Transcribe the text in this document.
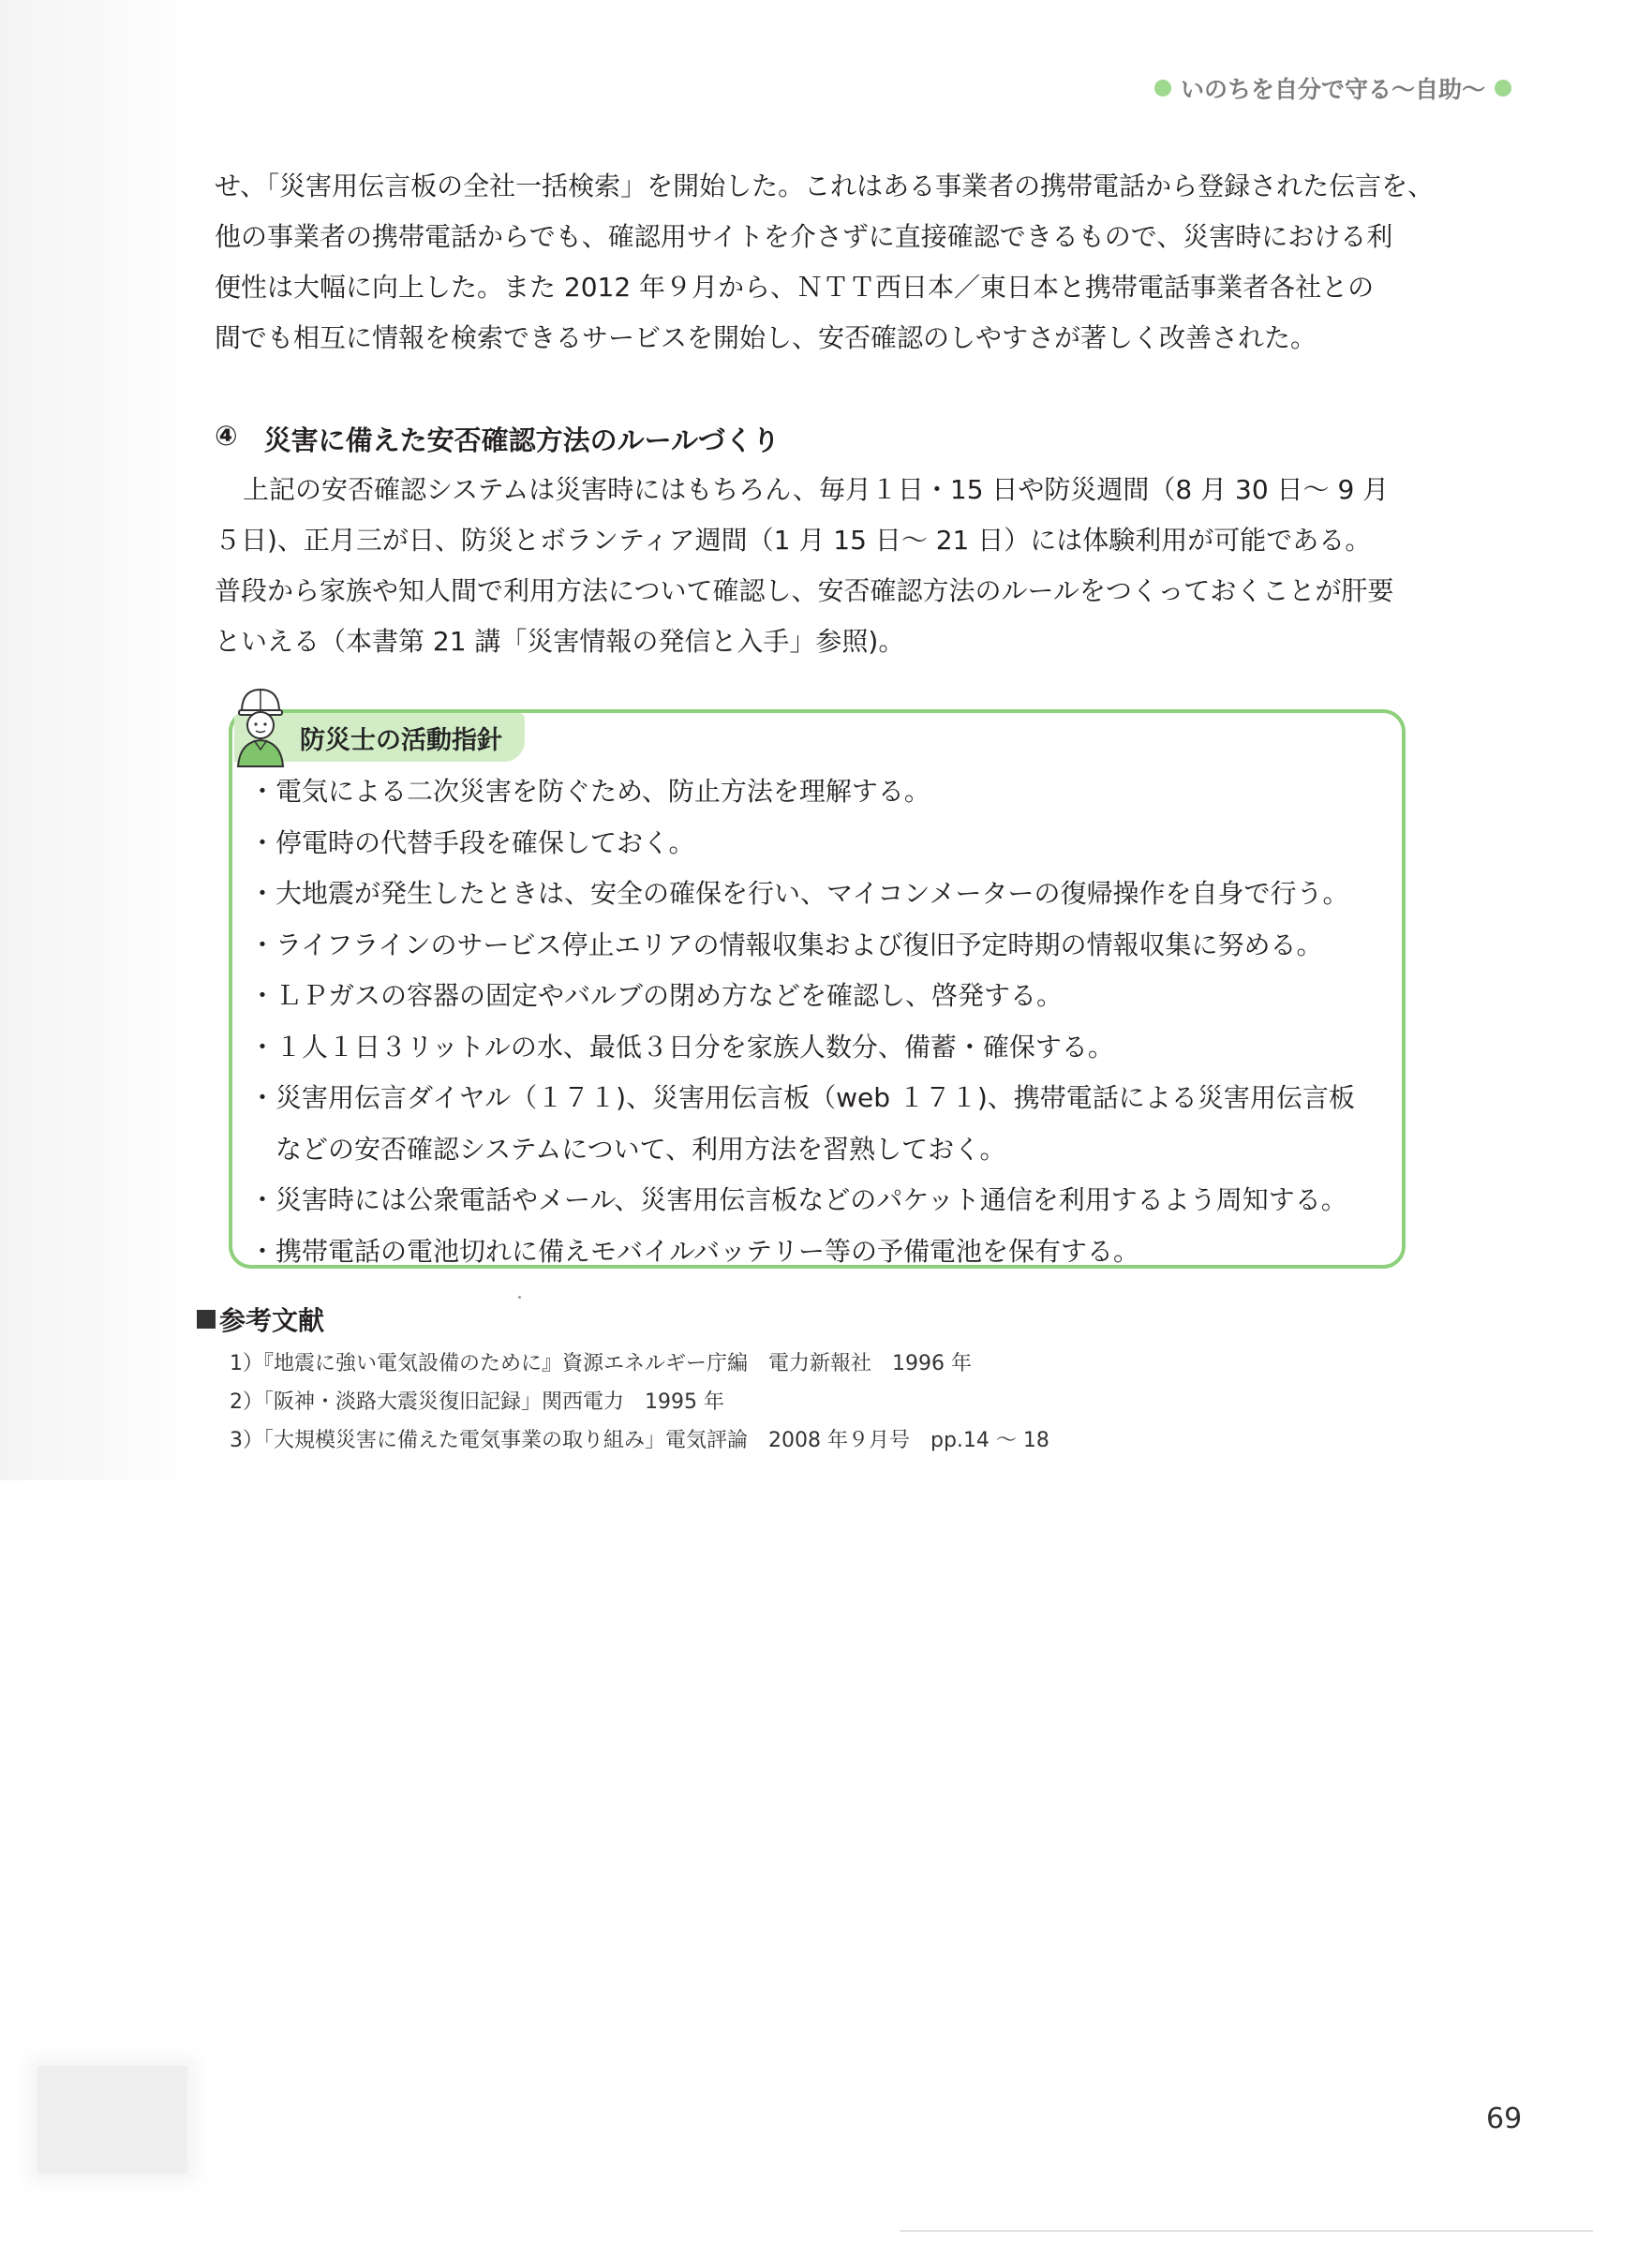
いのちを自分で守る〜自助〜

せ、「災害用伝言板の全社一括検索」を開始した。これはある事業者の携帯電話から登録された伝言を、
他の事業者の携帯電話からでも、確認用サイトを介さずに直接確認できるもので、災害時における利
便性は大幅に向上した。また 2012 年９月から、ＮＴＴ西日本／東日本と携帯電話事業者各社との
間でも相互に情報を検索できるサービスを開始し、安否確認のしやすさが著しく改善された。

④ 災害に備えた安否確認方法のルールづくり

上記の安否確認システムは災害時にはもちろん、毎月１日・15 日や防災週間（8 月 30 日〜 9 月
５日)、正月三が日、防災とボランティア週間（1 月 15 日〜 21 日）には体験利用が可能である。
普段から家族や知人間で利用方法について確認し、安否確認方法のルールをつくっておくことが肝要
といえる（本書第 21 講「災害情報の発信と入手」参照)。

防災士の活動指針
・電気による二次災害を防ぐため、防止方法を理解する。
・停電時の代替手段を確保しておく。
・大地震が発生したときは、安全の確保を行い、マイコンメーターの復帰操作を自身で行う。
・ライフラインのサービス停止エリアの情報収集および復旧予定時期の情報収集に努める。
・ＬＰガスの容器の固定やバルブの閉め方などを確認し、啓発する。
・１人１日３リットルの水、最低３日分を家族人数分、備蓄・確保する。
・災害用伝言ダイヤル（１７１)、災害用伝言板（web １７１)、携帯電話による災害用伝言板
などの安否確認システムについて、利用方法を習熟しておく。
・災害時には公衆電話やメール、災害用伝言板などのパケット通信を利用するよう周知する。
・携帯電話の電池切れに備えモバイルバッテリー等の予備電池を保有する。
参考文献
1）『地震に強い電気設備のために』資源エネルギー庁編　電力新報社　1996 年
2）「阪神・淡路大震災復旧記録」関西電力　1995 年
3）「大規模災害に備えた電気事業の取り組み」電気評論　2008 年９月号　pp.14 〜 18
69
